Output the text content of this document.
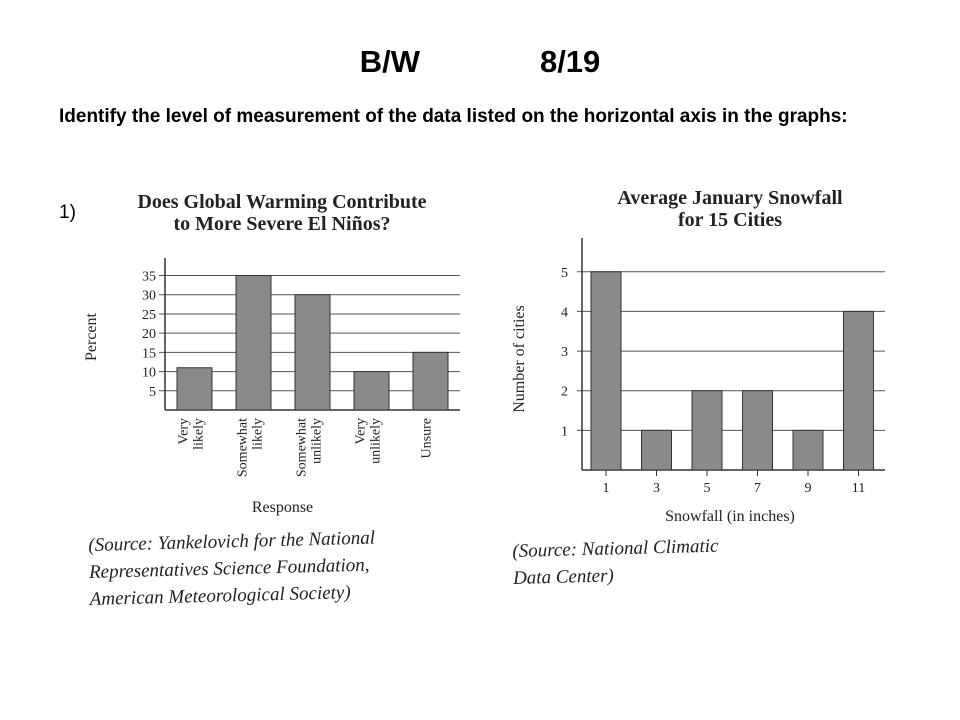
B/W	8/19
Identify the level of measurement of the data listed on the horizontal axis in the graphs:
1)	Does Global Warming Contribute
to More Severe El Niños?
5
10
15
20
25
30
35
Very likely Somewhat likely Somewhat unlikely Very unlikely	Unsure
Percent
Response
Average January Snowfall
for 15 Cities
1
2
3
4
5
1	3	5	7	9	11
Number of cities
Snowfall (in inches)
(Source: Yankelovich for the National
Representatives Science Foundation,
American Meteorological Society)
(Source: National Climatic
Data Center)
